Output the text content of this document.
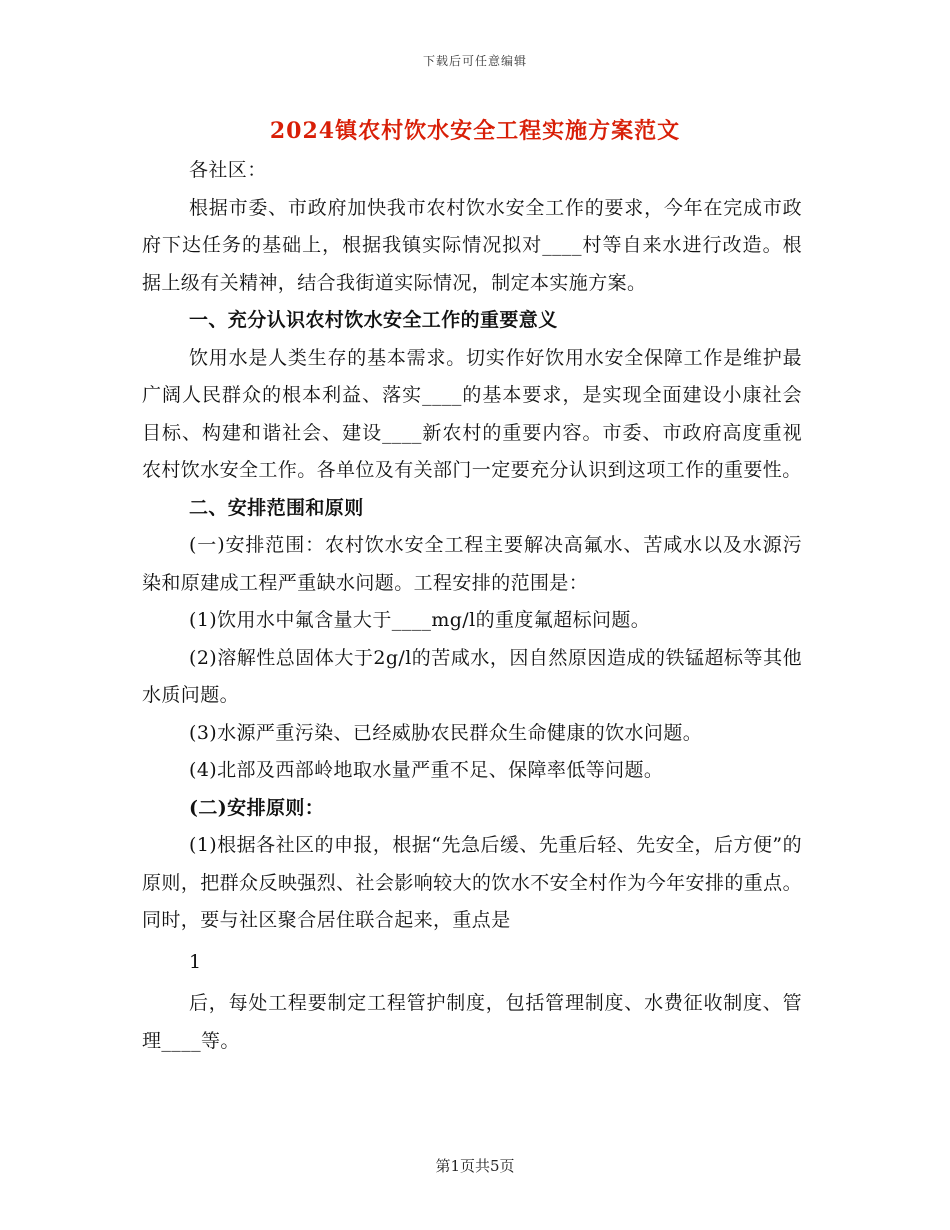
下载后可任意编辑
2024镇农村饮水安全工程实施方案范文

各社区：

根据市委、市政府加快我市农村饮水安全工作的要求，今年在完成市政府下达任务的基础上，根据我镇实际情况拟对____村等自来水进行改造。根据上级有关精神，结合我街道实际情况，制定本实施方案。

一、充分认识农村饮水安全工作的重要意义

饮用水是人类生存的基本需求。切实作好饮用水安全保障工作是维护最广阔人民群众的根本利益、落实____的基本要求，是实现全面建设小康社会目标、构建和谐社会、建设____新农村的重要内容。市委、市政府高度重视农村饮水安全工作。各单位及有关部门一定要充分认识到这项工作的重要性。

二、安排范围和原则

(一)安排范围：农村饮水安全工程主要解决高氟水、苦咸水以及水源污染和原建成工程严重缺水问题。工程安排的范围是：

(1)饮用水中氟含量大于____mg/l的重度氟超标问题。

(2)溶解性总固体大于2g/l的苦咸水，因自然原因造成的铁锰超标等其他水质问题。

(3)水源严重污染、已经威胁农民群众生命健康的饮水问题。

(4)北部及西部岭地取水量严重不足、保障率低等问题。

(二)安排原则：

(1)根据各社区的申报，根据“先急后缓、先重后轻、先安全，后方便”的原则，把群众反映强烈、社会影响较大的饮水不安全村作为今年安排的重点。同时，要与社区聚合居住联合起来，重点是

1

后，每处工程要制定工程管护制度，包括管理制度、水费征收制度、管理____等。

第1页共5页
